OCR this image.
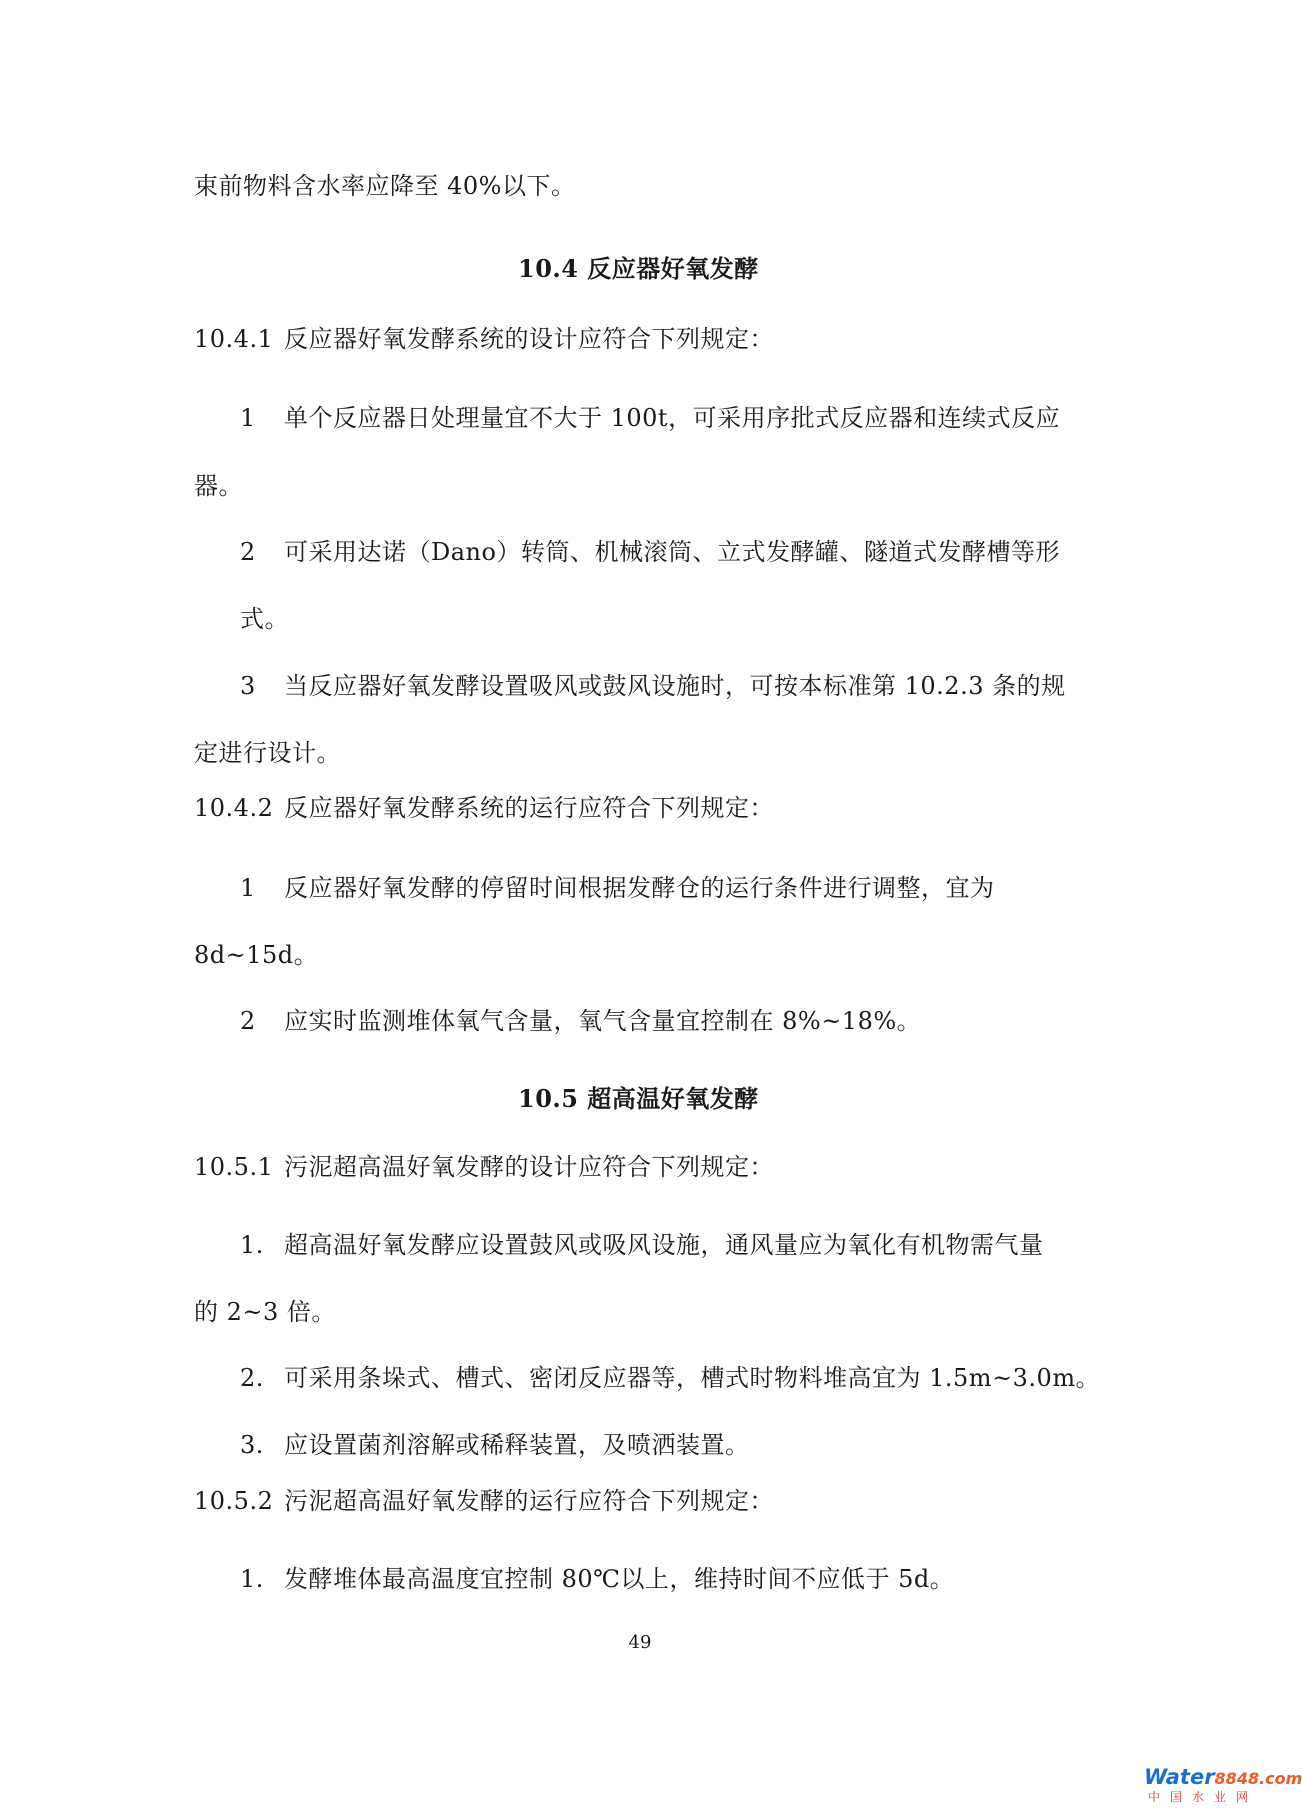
束前物料含水率应降至 40%以下。
10.4 反应器好氧发酵
10.4.1 反应器好氧发酵系统的设计应符合下列规定：
1 单个反应器日处理量宜不大于 100t，可采用序批式反应器和连续式反应
器。
2 可采用达诺（Dano）转筒、机械滚筒、立式发酵罐、隧道式发酵槽等形
式。
3 当反应器好氧发酵设置吸风或鼓风设施时，可按本标准第 10.2.3 条的规
定进行设计。
10.4.2 反应器好氧发酵系统的运行应符合下列规定：
1 反应器好氧发酵的停留时间根据发酵仓的运行条件进行调整，宜为
8d~15d。
2 应实时监测堆体氧气含量，氧气含量宜控制在 8%~18%。
10.5 超高温好氧发酵
10.5.1 污泥超高温好氧发酵的设计应符合下列规定：
1. 超高温好氧发酵应设置鼓风或吸风设施，通风量应为氧化有机物需气量
的 2~3 倍。
2. 可采用条垛式、槽式、密闭反应器等，槽式时物料堆高宜为 1.5m~3.0m。
3. 应设置菌剂溶解或稀释装置，及喷洒装置。
10.5.2 污泥超高温好氧发酵的运行应符合下列规定：
1. 发酵堆体最高温度宜控制 80℃以上，维持时间不应低于 5d。
49
Water8848.com
中国水业网
